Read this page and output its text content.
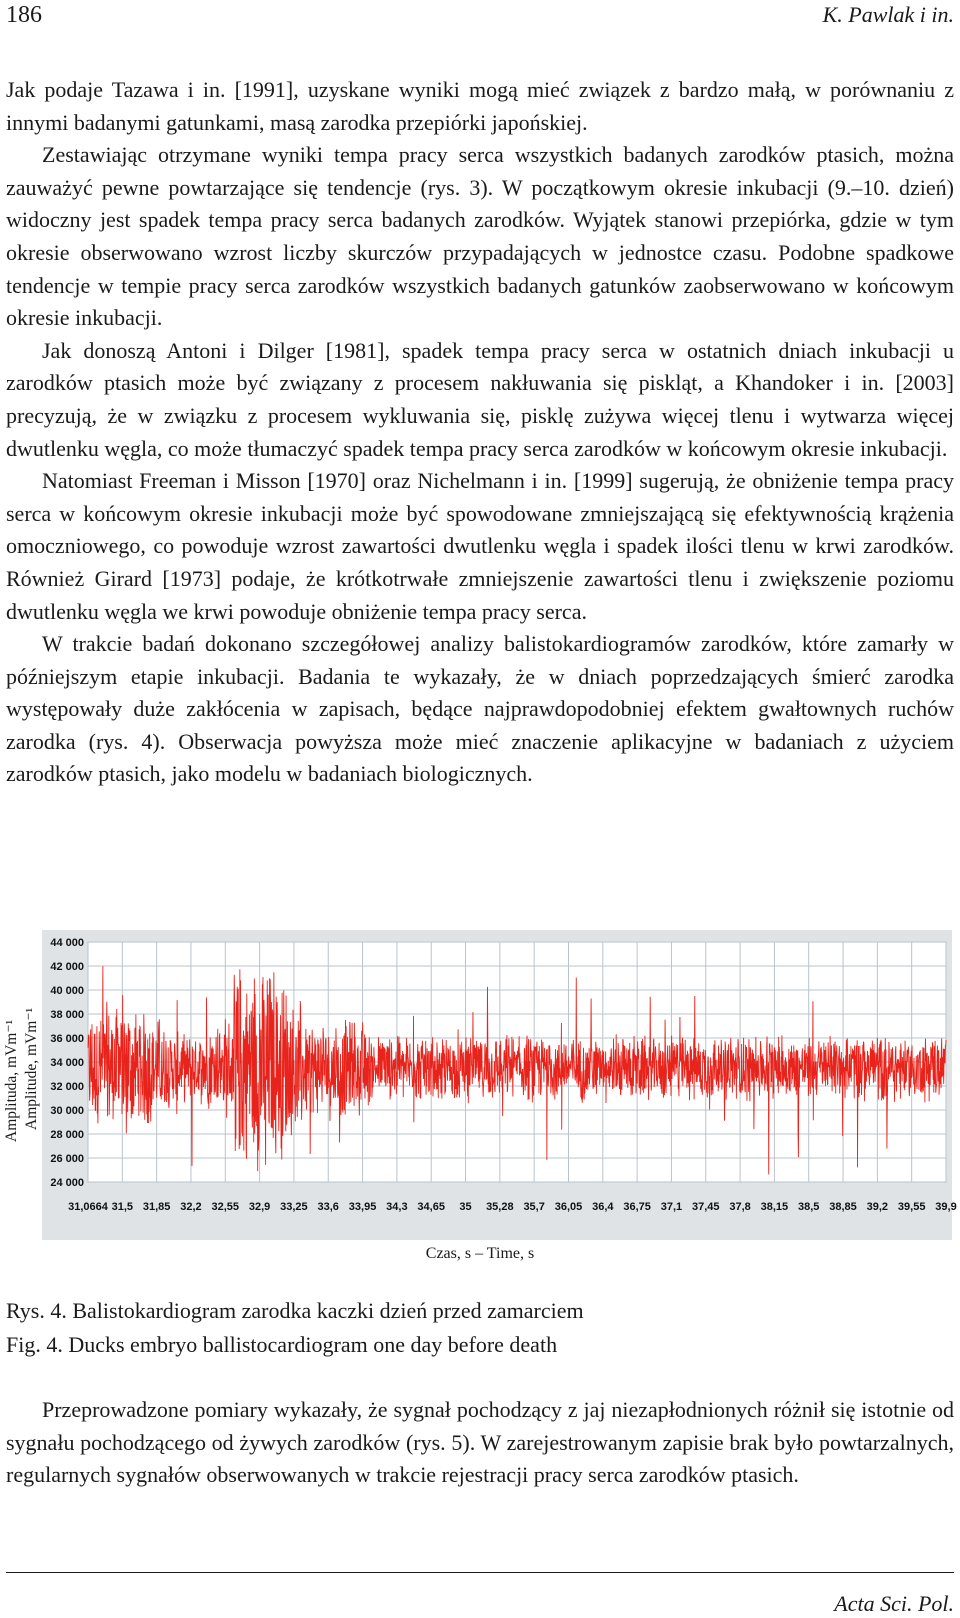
186	K. Pawlak i in.

Jak podaje Tazawa i in. [1991], uzyskane wyniki mogą mieć związek z bardzo małą, w porównaniu z innymi badanymi gatunkami, masą zarodka przepiórki japońskiej.

Zestawiając otrzymane wyniki tempa pracy serca wszystkich badanych zarodków ptasich, można zauważyć pewne powtarzające się tendencje (rys. 3). W początkowym okresie inkubacji (9.–10. dzień) widoczny jest spadek tempa pracy serca badanych zarodków. Wyjątek stanowi przepiórka, gdzie w tym okresie obserwowano wzrost liczby skurczów przypadających w jednostce czasu. Podobne spadkowe tendencje w tempie pracy serca zarodków wszystkich badanych gatunków zaobserwowano w końcowym okresie inkubacji.

Jak donoszą Antoni i Dilger [1981], spadek tempa pracy serca w ostatnich dniach inkubacji u zarodków ptasich może być związany z procesem nakłuwania się piskląt, a Khandoker i in. [2003] precyzują, że w związku z procesem wykluwania się, pisklę zużywa więcej tlenu i wytwarza więcej dwutlenku węgla, co może tłumaczyć spadek tempa pracy serca zarodków w końcowym okresie inkubacji.

Natomiast Freeman i Misson [1970] oraz Nichelmann i in. [1999] sugerują, że obniżenie tempa pracy serca w końcowym okresie inkubacji może być spowodowane zmniejszającą się efektywnością krążenia omoczniowego, co powoduje wzrost zawartości dwutlenku węgla i spadek ilości tlenu w krwi zarodków. Również Girard [1973] podaje, że krótkotrwałe zmniejszenie zawartości tlenu i zwiększenie poziomu dwutlenku węgla we krwi powoduje obniżenie tempa pracy serca.

W trakcie badań dokonano szczegółowej analizy balistokardiogramów zarodków, które zamarły w późniejszym etapie inkubacji. Badania te wykazały, że w dniach poprzedzających śmierć zarodka występowały duże zakłócenia w zapisach, będące najprawdopodobniej efektem gwałtownych ruchów zarodka (rys. 4). Obserwacja powyższa może mieć znaczenie aplikacyjne w badaniach z użyciem zarodków ptasich, jako modelu w badaniach biologicznych.

Amplituda, mVm⁻¹ Amplitude, mVm⁻¹
44 000
42 000
40 000
38 000
36 000
34 000
32 000
30 000
28 000
26 000
24 000
31,0664 31,5 31,85 32,2 32,55 32,9 33,25 33,6 33,95 34,3 34,65 35 35,28 35,7 36,05 36,4 36,75 37,1 37,45 37,8 38,15 38,5 38,85 39,2 39,55 39,9
Czas, s – Time, s
Rys. 4. Balistokardiogram zarodka kaczki dzień przed zamarciem
Fig. 4. Ducks embryo ballistocardiogram one day before death

Przeprowadzone pomiary wykazały, że sygnał pochodzący z jaj niezapłodnionych różnił się istotnie od sygnału pochodzącego od żywych zarodków (rys. 5). W zarejestrowanym zapisie brak było powtarzalnych, regularnych sygnałów obserwowanych w trakcie rejestracji pracy serca zarodków ptasich.

Acta Sci. Pol.
